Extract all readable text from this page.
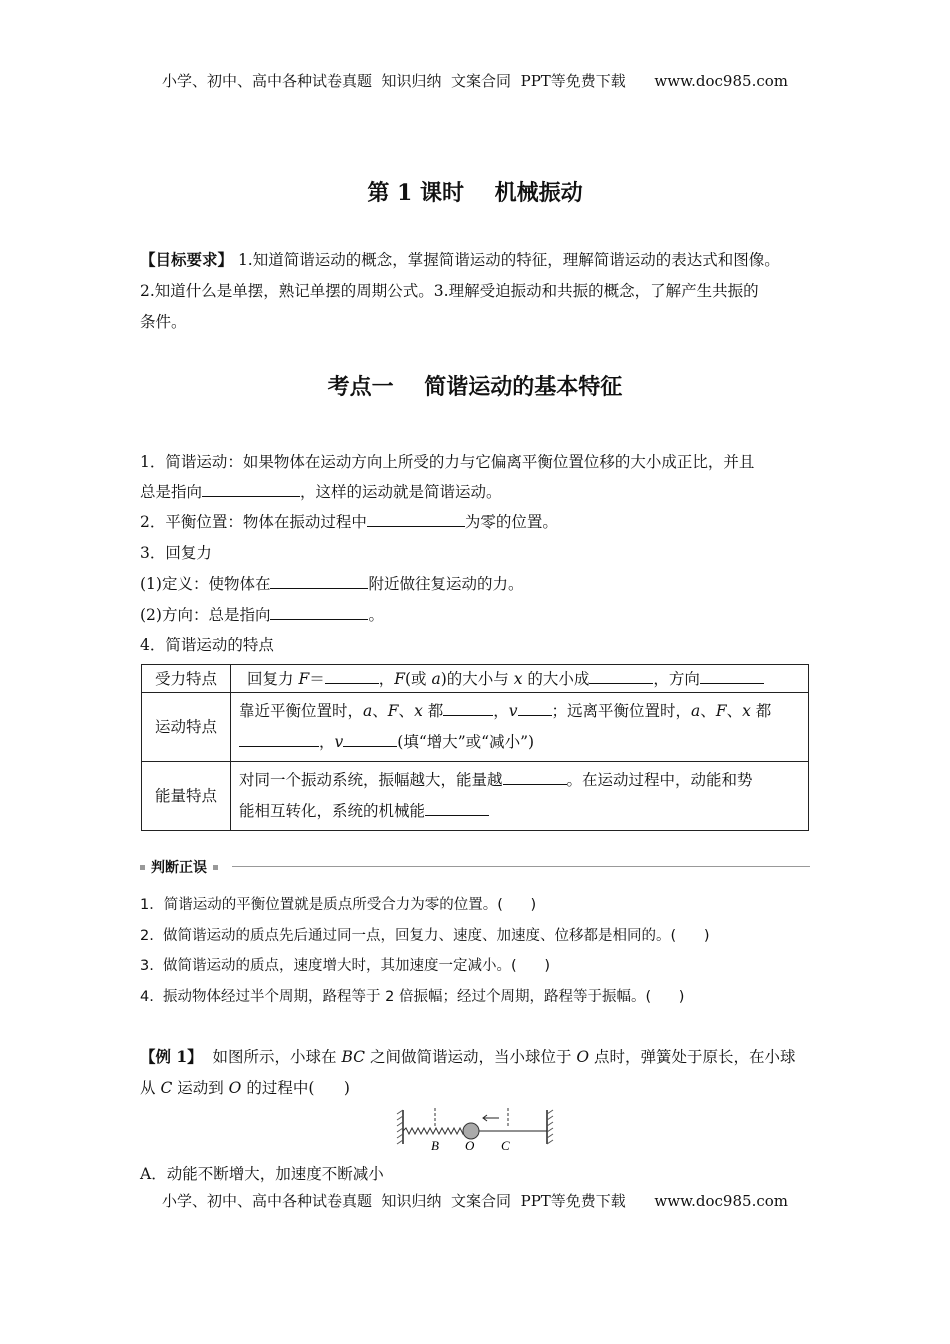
小学、初中、高中各种试卷真题  知识归纳  文案合同  PPT等免费下载      www.doc985.com
第 1 课时    机械振动
【目标要求】 1.知道简谐运动的概念，掌握简谐运动的特征，理解简谐运动的表达式和图像。
2.知道什么是单摆，熟记单摆的周期公式。3.理解受迫振动和共振的概念，了解产生共振的
条件。
考点一    简谐运动的基本特征
1．简谐运动：如果物体在运动方向上所受的力与它偏离平衡位置位移的大小成正比，并且
总是指向	，这样的运动就是简谐运动。
2．平衡位置：物体在振动过程中	为零的位置。
3．回复力
(1)定义：使物体在	附近做往复运动的力。
(2)方向：总是指向	。
4．简谐运动的特点
受力特点	回复力 F＝ ，F(或 a)的大小与 x 的大小成 ，方向
运动特点	靠近平衡位置时，a、F、x 都 ，v ；远离平衡位置时，a、F、x 都
，v (填“增大”或“减小”)
能量特点	对同一个振动系统，振幅越大，能量越 。在运动过程中，动能和势
能相互转化，系统的机械能
判断正误
1．简谐运动的平衡位置就是质点所受合力为零的位置。(      )
2.  做简谐运动的质点先后通过同一点，回复力、速度、加速度、位移都是相同的。(      )
3.  做简谐运动的质点，速度增大时，其加速度一定减小。(      )
4.  振动物体经过半个周期，路程等于 2 倍振幅；经过个周期，路程等于振幅。(      )
【例 1】  如图所示，小球在 BC 之间做简谐运动，当小球位于 O 点时，弹簧处于原长，在小球
从 C 运动到 O 的过程中(      )
B O C
A．动能不断增大，加速度不断减小
小学、初中、高中各种试卷真题  知识归纳  文案合同  PPT等免费下载      www.doc985.com
